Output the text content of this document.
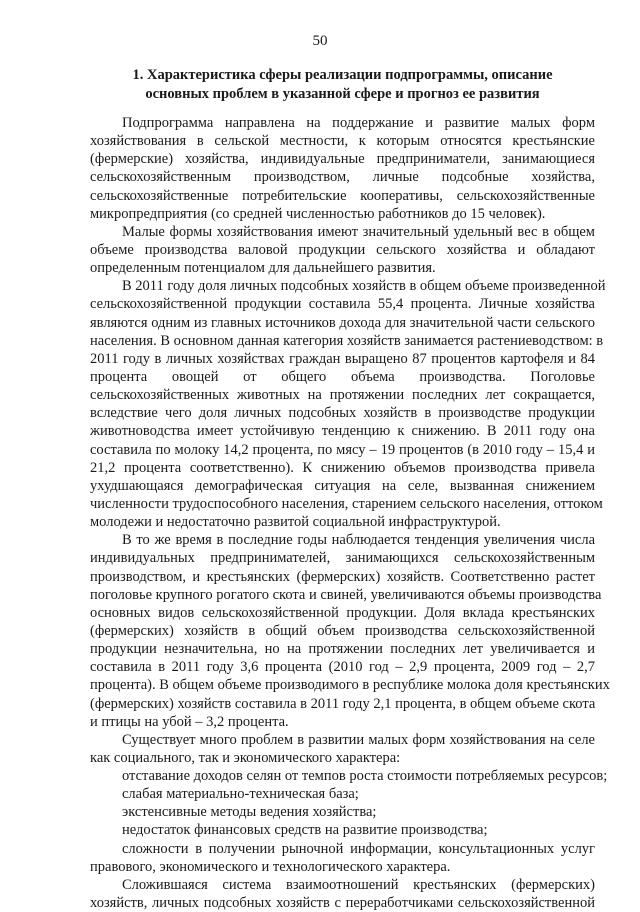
50
1. Характеристика сферы реализации подпрограммы, описание
основных проблем в указанной сфере и прогноз ее развития
Подпрограмма направлена на поддержание и развитие малых форм
хозяйствования в сельской местности, к которым относятся крестьянские
(фермерские) хозяйства, индивидуальные предприниматели, занимающиеся
сельскохозяйственным производством, личные подсобные хозяйства,
сельскохозяйственные потребительские кооперативы, сельскохозяйственные
микропредприятия (со средней численностью работников до 15 человек).
Малые формы хозяйствования имеют значительный удельный вес в общем
объеме производства валовой продукции сельского хозяйства и обладают
определенным потенциалом для дальнейшего развития.
В 2011 году доля личных подсобных хозяйств в общем объеме произведенной
сельскохозяйственной продукции составила 55,4 процента. Личные хозяйства
являются одним из главных источников дохода для значительной части сельского
населения. В основном данная категория хозяйств занимается растениеводством: в
2011 году в личных хозяйствах граждан выращено 87 процентов картофеля и 84
процента овощей от общего объема производства. Поголовье
сельскохозяйственных животных на протяжении последних лет сокращается,
вследствие чего доля личных подсобных хозяйств в производстве продукции
животноводства имеет устойчивую тенденцию к снижению. В 2011 году она
составила по молоку 14,2 процента, по мясу – 19 процентов (в 2010 году – 15,4 и
21,2 процента соответственно). К снижению объемов производства привела
ухудшающаяся демографическая ситуация на селе, вызванная снижением
численности трудоспособного населения, старением сельского населения, оттоком
молодежи и недостаточно развитой социальной инфраструктурой.
В то же время в последние годы наблюдается тенденция увеличения числа
индивидуальных предпринимателей, занимающихся сельскохозяйственным
производством, и крестьянских (фермерских) хозяйств. Соответственно растет
поголовье крупного рогатого скота и свиней, увеличиваются объемы производства
основных видов сельскохозяйственной продукции. Доля вклада крестьянских
(фермерских) хозяйств в общий объем производства сельскохозяйственной
продукции незначительна, но на протяжении последних лет увеличивается и
составила в 2011 году 3,6 процента (2010 год – 2,9 процента, 2009 год – 2,7
процента). В общем объеме производимого в республике молока доля крестьянских
(фермерских) хозяйств составила в 2011 году 2,1 процента, в общем объеме скота
и птицы на убой – 3,2 процента.
Существует много проблем в развитии малых форм хозяйствования на селе
как социального, так и экономического характера:
отставание доходов селян от темпов роста стоимости потребляемых ресурсов;
слабая материально-техническая база;
экстенсивные методы ведения хозяйства;
недостаток финансовых средств на развитие производства;
сложности в получении рыночной информации, консультационных услуг
правового, экономического и технологического характера.
Сложившаяся система взаимоотношений крестьянских (фермерских)
хозяйств, личных подсобных хозяйств с переработчиками сельскохозяйственной
